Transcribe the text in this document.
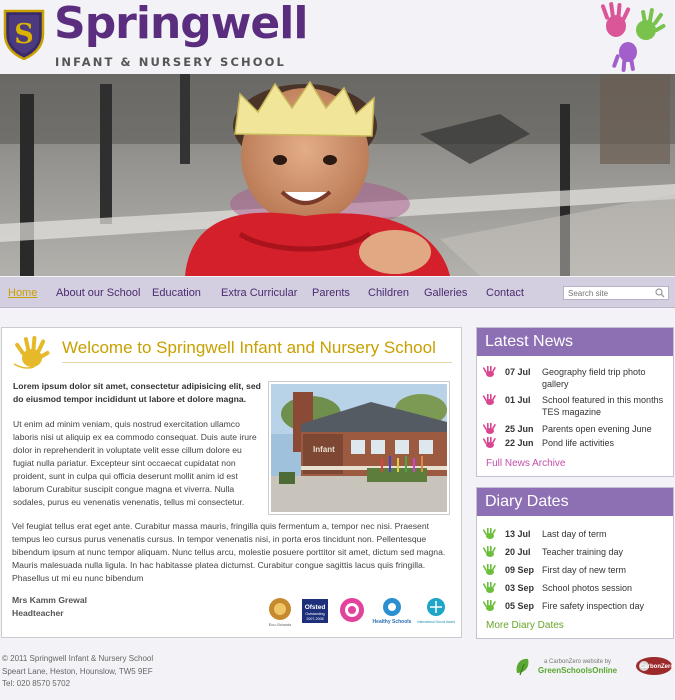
S Springwell
INFANT & NURSERY SCHOOL
Home About our School Education Extra Curricular Parents Children Galleries Contact
Search site
Welcome to Springwell Infant and Nursery School
Lorem ipsum dolor sit amet, consectetur adipisicing elit, sed do eiusmod tempor incididunt ut labore et dolore magna.
Ut enim ad minim veniam, quis nostrud exercitation ullamco laboris nisi ut aliquip ex ea commodo consequat. Duis aute irure dolor in reprehenderit in voluptate velit esse cillum dolore eu fugiat nulla pariatur. Excepteur sint occaecat cupidatat non proident, sunt in culpa qui officia deserunt mollit anim id est laborum Curabitur suscipit congue magna et viverra. Nulla sodales, purus eu venenatis venenatis, tellus mi consectetur.
Infant
Vel feugiat tellus erat eget ante. Curabitur massa mauris, fringilla quis fermentum a, tempor nec nisi. Praesent tempus leo cursus purus venenatis cursus. In tempor venenatis nisi, in porta eros tincidunt non. Pellentesque bibendum ipsum at nunc tempor aliquam. Nunc tellus arcu, molestie posuere porttitor sit amet, dictum sed magna. Mauris malesuada nulla ligula. In hac habitasse platea dictumst. Curabitur congue sagittis lacus quis fringilla. Phasellus ut mi eu nunc bibendum
Mrs Kamm Grewal
Headteacher
Eco-Schools
Ofsted
Outstanding
2007-2008	Healthy Schools International School Award
Latest News
07 Jul Geography field trip photo gallery
01 Jul School featured in this months TES magazine
25 Jun Parents open evening June
22 Jun Pond life activities
Full News Archive
Diary Dates
13 Jul Last day of term
20 Jul Teacher training day
09 Sep First day of new term
03 Sep School photos session
05 Sep Fire safety inspection day
More Diary Dates
© 2011 Springwell Infant & Nursery School
Speart Lane, Heston, Hounslow, TW5 9EF
Tel: 020 8570 5702
a CarbonZero website by
GreenSchoolsOnline	CarbonZero
